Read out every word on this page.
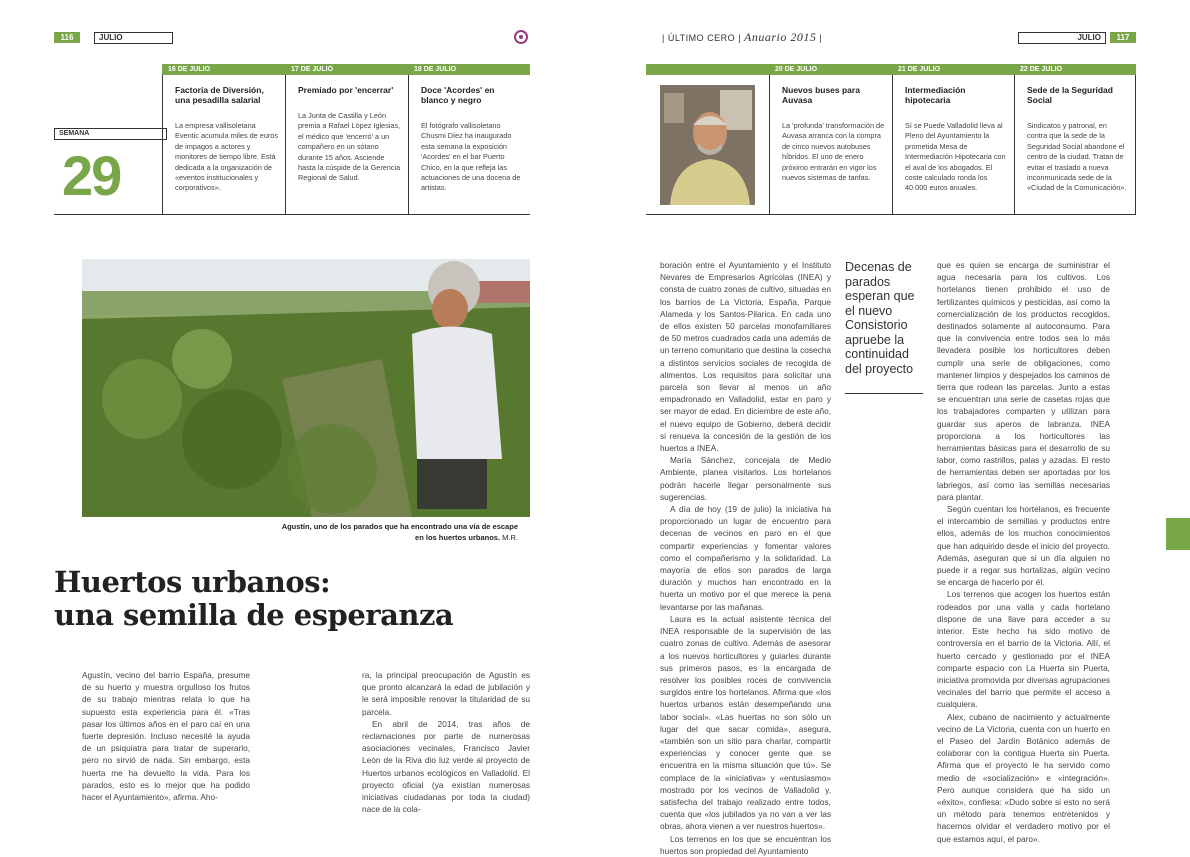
116	JULIO	| ÚLTIMO CERO | Anuario 2015 |	JULIO	117
SEMANA
29
16 DE JULIO
Factoría de Diversión, una pesadilla salarial
La empresa vallisoletana Eventic acumula miles de euros de impagos a actores y monitores de tiempo libre. Está dedicada a la organización de «eventos institucionales y corporativos».
17 DE JULIO
Premiado por 'encerrar'
La Junta de Castilla y León premia a Rafael López Iglesias, el médico que 'encerró' a un compañero en un sótano durante 15 años. Asciende hasta la cúspide de la Gerencia Regional de Salud.
18 DE JULIO
Doce 'Acordes' en blanco y negro
El fotógrafo vallisoletano Chusmi Díez ha inaugurado esta semana la exposición 'Acordes' en el bar Puerto Chico, en la que refleja las actuaciones de una docena de artistas.
20 DE JULIO
Nuevos buses para Auvasa
La 'profunda' transformación de Auvasa arranca con la compra de cinco nuevos autobuses híbridos. El uno de enero próximo entrarán en vigor los nuevos sistemas de tarifas.
21 DE JULIO
Intermediación hipotecaria
Sí se Puede Valladolid lleva al Pleno del Ayuntamiento la prometida Mesa de Intermediación Hipotecaria con el aval de los abogados. El coste calculado ronda los 40.000 euros anuales.
22 DE JULIO
Sede de la Seguridad Social
Sindicatos y patronal, en contra que la sede de la Seguridad Social abandone el centro de la ciudad. Tratan de evitar el traslado a nueva inconmunicada sede de la «Ciudad de la Comunicación».
Agustín, uno de los parados que ha encontrado una vía de escape en los huertos urbanos. M.R.
Huertos urbanos:
una semilla de esperanza

Agustín, vecino del barrio España, presume de su huerto y muestra orgulloso los frutos de su trabajo mientras relata lo que ha supuesto esta experiencia para él. «Tras pasar los últimos años en el paro caí en una fuerte depresión. Incluso necesité la ayuda de un psiquiatra para tratar de superarlo, pero no sirvió de nada. Sin embargo, esta huerta me ha devuelto la vida. Para los parados, esto es lo mejor que ha podido hacer el Ayuntamiento», afirma. Aho-

ra, la principal preocupación de Agustín es que pronto alcanzará la edad de jubilación y le será imposible renovar la titularidad de su parcela.

En abril de 2014, tras años de reclamaciones por parte de numerosas asociaciones vecinales, Francisco Javier León de la Riva dio luz verde al proyecto de Huertos urbanos ecológicos en Valladolid. El proyecto oficial (ya existían numerosas iniciativas ciudadanas por toda la ciudad) nace de la cola-

boración entre el Ayuntamiento y el Instituto Nevares de Empresarios Agrícolas (INEA) y consta de cuatro zonas de cultivo, situadas en los barrios de La Victoria, España, Parque Alameda y los Santos-Pilarica. En cada uno de ellos existen 50 parcelas monofamiliares de 50 metros cuadrados cada una además de un terreno comunitario que destina la cosecha a distintos servicios sociales de recogida de alimentos. Los requisitos para solicitar una parcela son llevar al menos un año empadronado en Valladolid, estar en paro y ser mayor de edad. En diciembre de este año, el nuevo equipo de Gobierno, deberá decidir si renueva la concesión de la gestión de los huertos a INEA.

María Sánchez, concejala de Medio Ambiente, planea visitarlos. Los hortelanos podrán hacerle llegar personalmente sus sugerencias.

A día de hoy (19 de julio) la iniciativa ha proporcionado un lugar de encuentro para decenas de vecinos en paro en el que compartir experiencias y fomentar valores como el compañerismo y la solidaridad. La mayoría de ellos son parados de larga duración y muchos han encontrado en la huerta un motivo por el que merece la pena levantarse por las mañanas.

Laura es la actual asistente técnica del INEA responsable de la supervisión de las cuatro zonas de cultivo. Además de asesorar a los nuevos horticultores y guiarles durante sus primeros pasos, es la encargada de resolver los posibles roces de convivencia surgidos entre los hortelanos. Afirma que «los huertos urbanos están desempeñando una labor social». «Las huertas no son sólo un lugar del que sacar comida», asegura, «también son un sitio para charlar, compartir experiencias y conocer gente que se encuentra en la misma situación que tú». Se complace de la «iniciativa» y «entusiasmo» mostrado por los vecinos de Valladolid y, satisfecha del trabajo realizado entre todos, cuenta que «los jubilados ya no van a ver las obras, ahora vienen a ver nuestros huertos».

Los terrenos en los que se encuentran los huertos son propiedad del Ayuntamiento

Decenas de parados esperan que el nuevo Consistorio apruebe la continuidad del proyecto

que es quien se encarga de suministrar el agua necesaria para los cultivos. Los hortelanos tienen prohibido el uso de fertilizantes químicos y pesticidas, así como la comercialización de los productos recogidos, destinados solamente al autoconsumo. Para que la convivencia entre todos sea lo más llevadera posible los horticultores deben cumplir una serie de obligaciones, como mantener limpios y despejados los caminos de tierra que rodean las parcelas. Junto a estas se encuentran una serie de casetas rojas que los trabajadores comparten y utilizan para guardar sus aperos de labranza. INEA proporciona a los horticultores las herramientas básicas para el desarrollo de su labor, como rastrillos, palas y azadas. El resto de herramientas deben ser aportadas por los labriegos, así como las semillas necesarias para plantar.

Según cuentan los hortelanos, es frecuente el intercambio de semillas y productos entre ellos, además de los muchos conocimientos que han adquirido desde el inicio del proyecto. Además, aseguran que si un día alguien no puede ir a regar sus hortalizas, algún vecino se encarga de hacerlo por él.

Los terrenos que acogen los huertos están rodeados por una valla y cada hortelano dispone de una llave para acceder a su interior. Este hecho ha sido motivo de controversia en el barrio de la Victoria. Allí, el huerto cercado y gestionado por el INEA comparte espacio con La Huerta sin Puerta, iniciativa promovida por diversas agrupaciones vecinales del barrio que permite el acceso a cualquiera.

Alex, cubano de nacimiento y actualmente vecino de La Victoria, cuenta con un huerto en el Paseo del Jardín Botánico además de colaborar con la contigua Huerta sin Puerta. Afirma que el proyecto le ha servido como medio de «socialización» e «integración». Pero aunque considera que ha sido un «éxito», confiesa: «Dudo sobre si esto no será un método para tenemos entretenidos y hacernos olvidar el verdadero motivo por el que estamos aquí, el paro».
